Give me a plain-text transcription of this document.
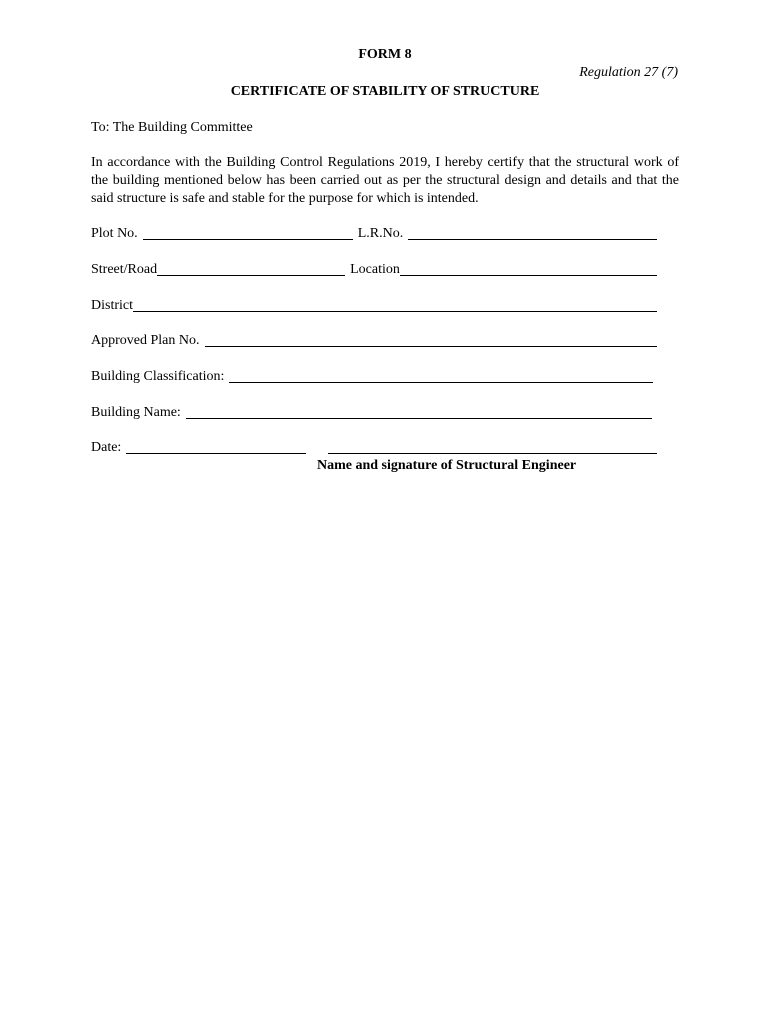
FORM 8
Regulation 27 (7)
CERTIFICATE OF STABILITY OF STRUCTURE
To: The Building Committee
In accordance with the Building Control Regulations 2019, I hereby certify that the structural work of the building mentioned below has been carried out as per the structural design and details and that the said structure is safe and stable for the purpose for which is intended.
Plot No.	L.R.No.
Street/Road	Location
District
Approved Plan No.
Building Classification:
Building Name:
Date:
Name and signature of Structural Engineer
